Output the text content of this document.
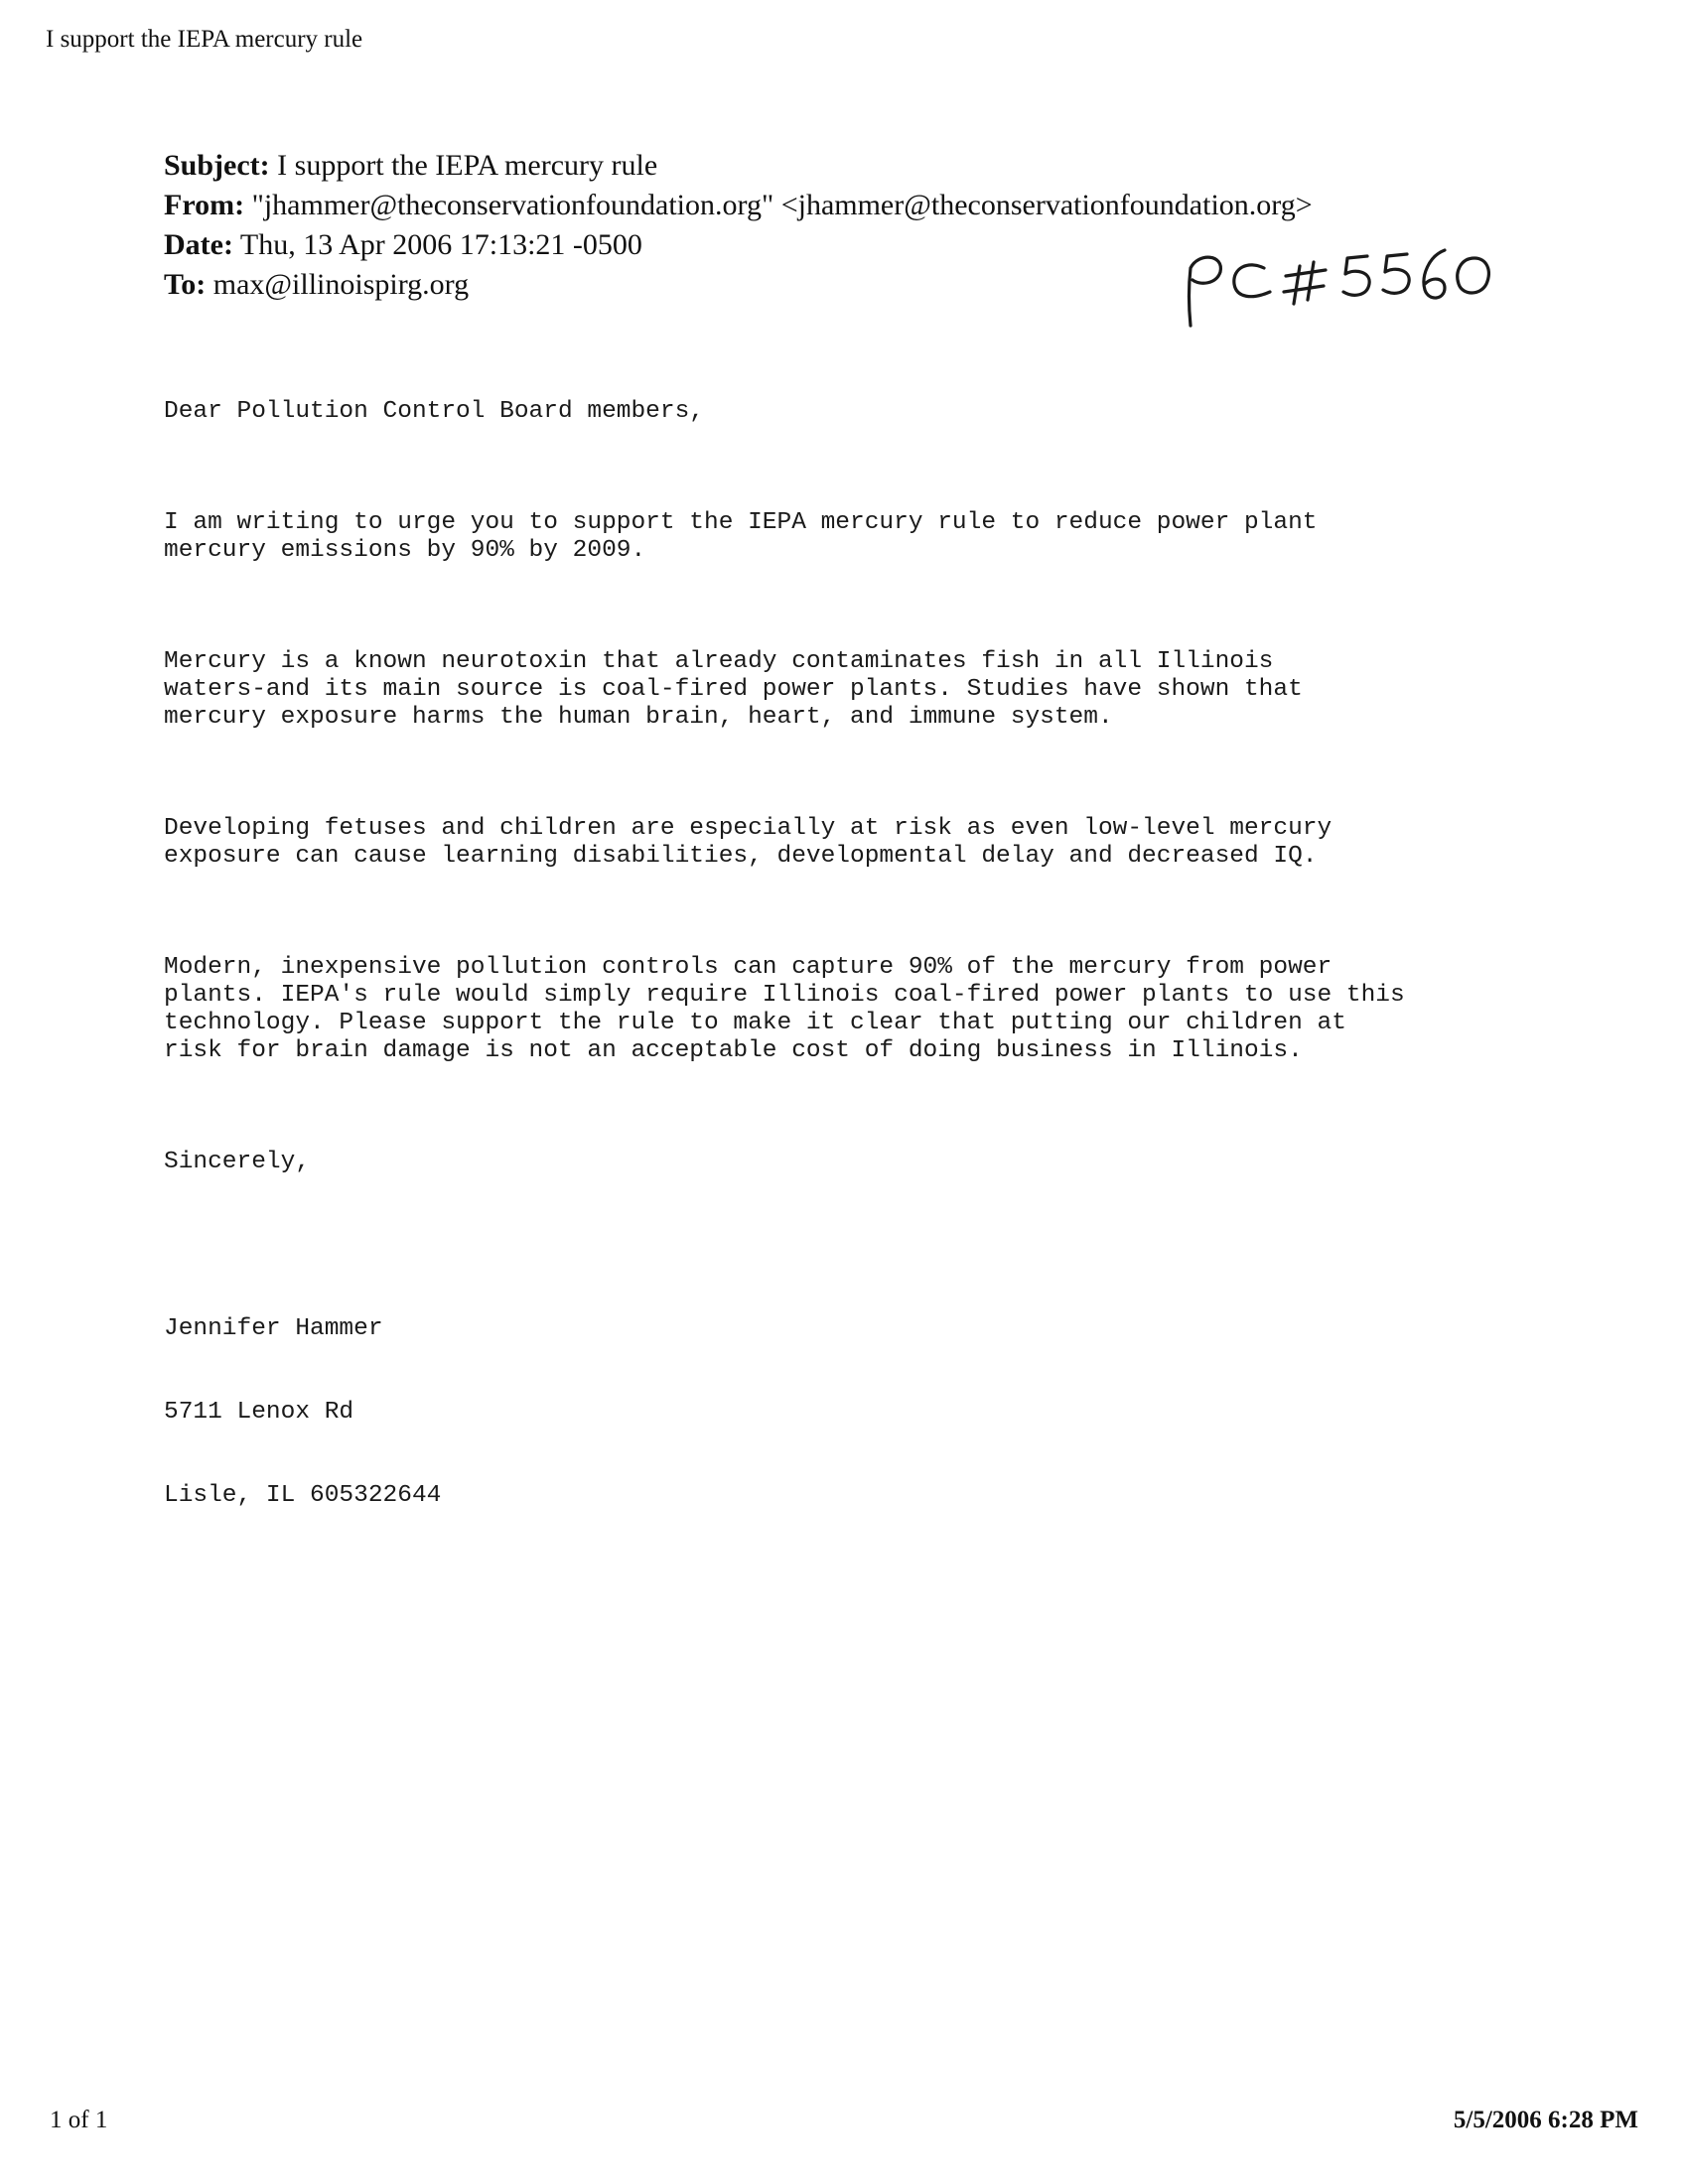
I support the IEPA mercury rule
Subject: I support the IEPA mercury rule
From: "jhammer@theconservationfoundation.org" <jhammer@theconservationfoundation.org>
Date: Thu, 13 Apr 2006 17:13:21 -0500
To: max@illinoispirg.org

Dear Pollution Control Board members,

I am writing to urge you to support the IEPA mercury rule to reduce power plant
mercury emissions by 90% by 2009.

Mercury is a known neurotoxin that already contaminates fish in all Illinois
waters-and its main source is coal-fired power plants. Studies have shown that
mercury exposure harms the human brain, heart, and immune system.

Developing fetuses and children are especially at risk as even low-level mercury
exposure can cause learning disabilities, developmental delay and decreased IQ.

Modern, inexpensive pollution controls can capture 90% of the mercury from power
plants. IEPA's rule would simply require Illinois coal-fired power plants to use this
technology. Please support the rule to make it clear that putting our children at
risk for brain damage is not an acceptable cost of doing business in Illinois.

Sincerely,

Jennifer Hammer

5711 Lenox Rd

Lisle, IL 605322644

1 of 1	5/5/2006 6:28 PM
